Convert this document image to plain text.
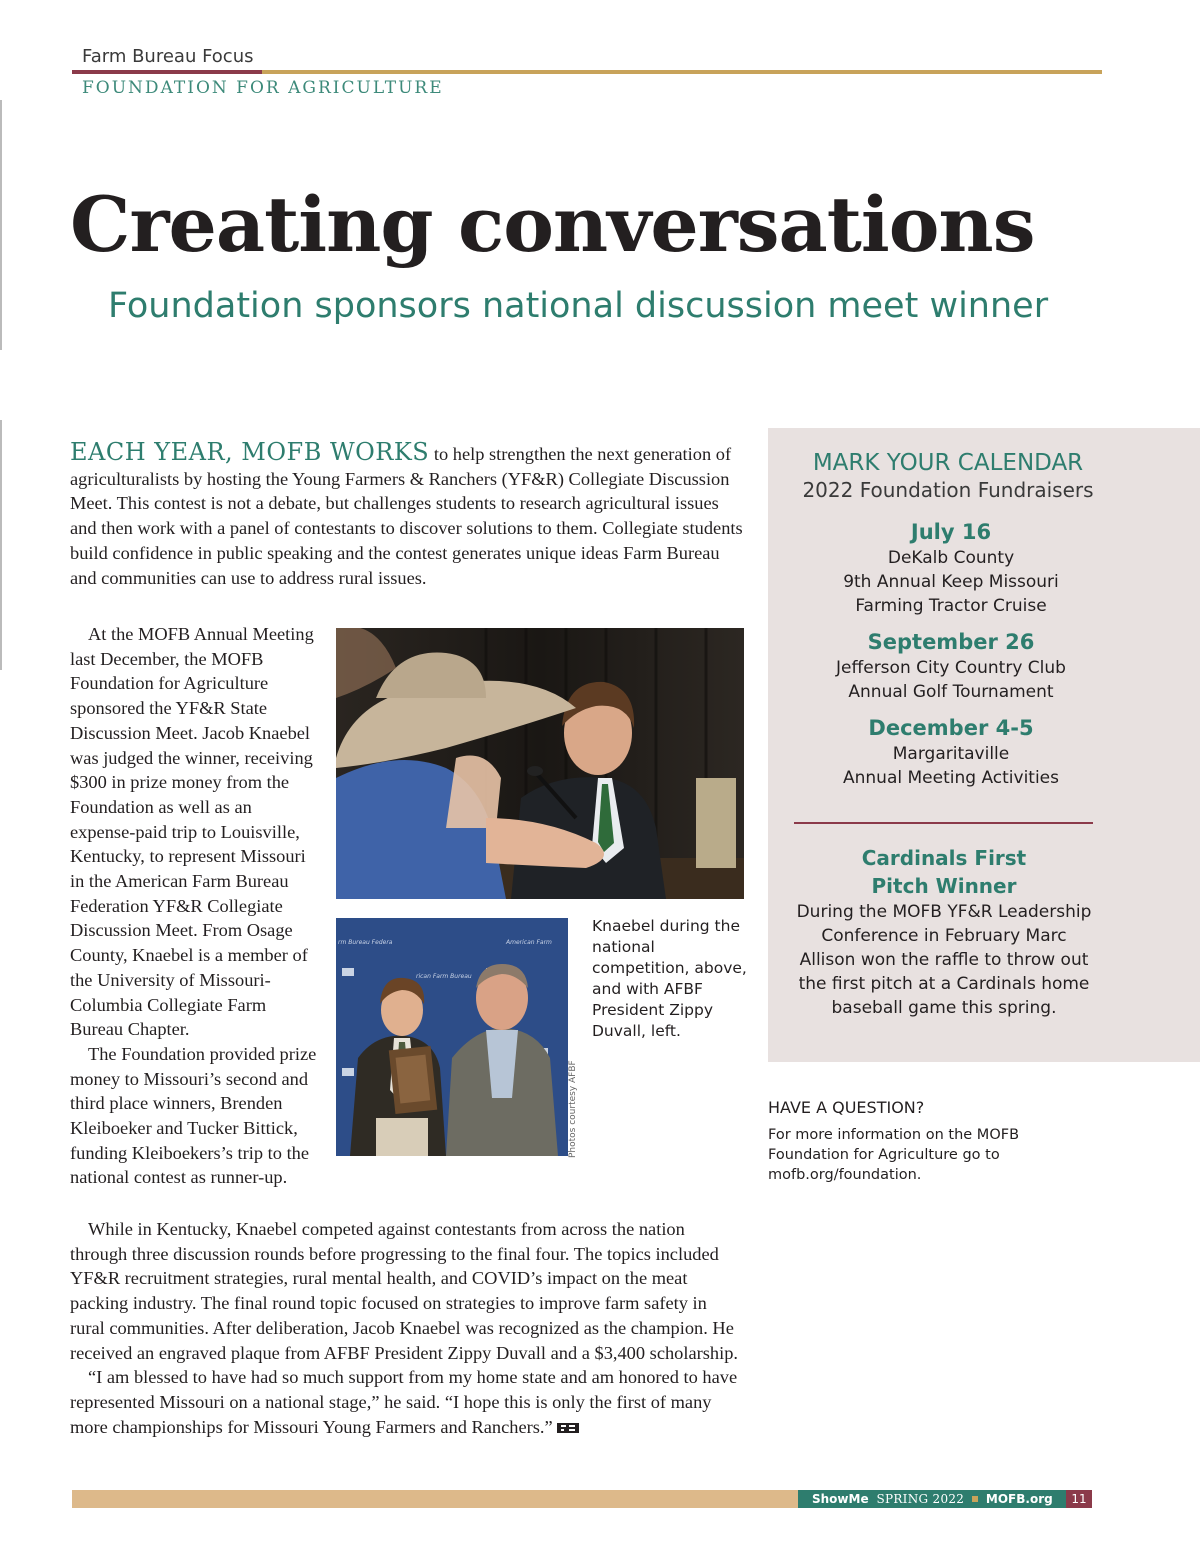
Farm Bureau Focus
FOUNDATION FOR AGRICULTURE
Creating conversations
Foundation sponsors national discussion meet winner

EACH YEAR, MOFB WORKS to help strengthen the next generation of agriculturalists by hosting the Young Farmers & Ranchers (YF&R) Collegiate Discussion Meet. This contest is not a debate, but challenges students to research agricultural issues and then work with a panel of contestants to discover solutions to them. Collegiate students build confidence in public speaking and the contest generates unique ideas Farm Bureau and communities can use to address rural issues.

At the MOFB Annual Meeting last December, the MOFB Foundation for Agriculture sponsored the YF&R State Discussion Meet. Jacob Knaebel was judged the winner, receiving $300 in prize money from the Foundation as well as an expense-paid trip to Louisville, Kentucky, to represent Missouri in the American Farm Bureau Federation YF&R Collegiate Discussion Meet. From Osage County, Knaebel is a member of the University of Missouri-Columbia Collegiate Farm Bureau Chapter.

The Foundation provided prize money to Missouri’s second and third place winners, Brenden Kleiboeker and Tucker Bittick, funding Kleiboekers’s trip to the national contest as runner-up.

rm Bureau Federa	American Farm
rican Farm Bureau
Photos courtesy AFBF
Knaebel during the national competition, above, and with AFBF President Zippy Duvall, left.

While in Kentucky, Knaebel competed against contestants from across the nation through three discussion rounds before progressing to the final four. The topics included YF&R recruitment strategies, rural mental health, and COVID’s impact on the meat packing industry. The final round topic focused on strategies to improve farm safety in rural communities. After deliberation, Jacob Knaebel was recognized as the champion. He received an engraved plaque from AFBF President Zippy Duvall and a $3,400 scholarship.

“I am blessed to have had so much support from my home state and am honored to have represented Missouri on a national stage,” he said. “I hope this is only the first of many more championships for Missouri Young Farmers and Ranchers.”

MARK YOUR CALENDAR
2022 Foundation Fundraisers
July 16
DeKalb County
9th Annual Keep Missouri
Farming Tractor Cruise
September 26
Jefferson City Country Club
Annual Golf Tournament
December 4-5
Margaritaville
Annual Meeting Activities
Cardinals First Pitch Winner
During the MOFB YF&R Leadership Conference in February Marc Allison won the raffle to throw out the first pitch at a Cardinals home baseball game this spring.
HAVE A QUESTION?
For more information on the MOFB Foundation for Agriculture go to mofb.org/foundation.
ShowMe SPRING 2022 MOFB.org	11
